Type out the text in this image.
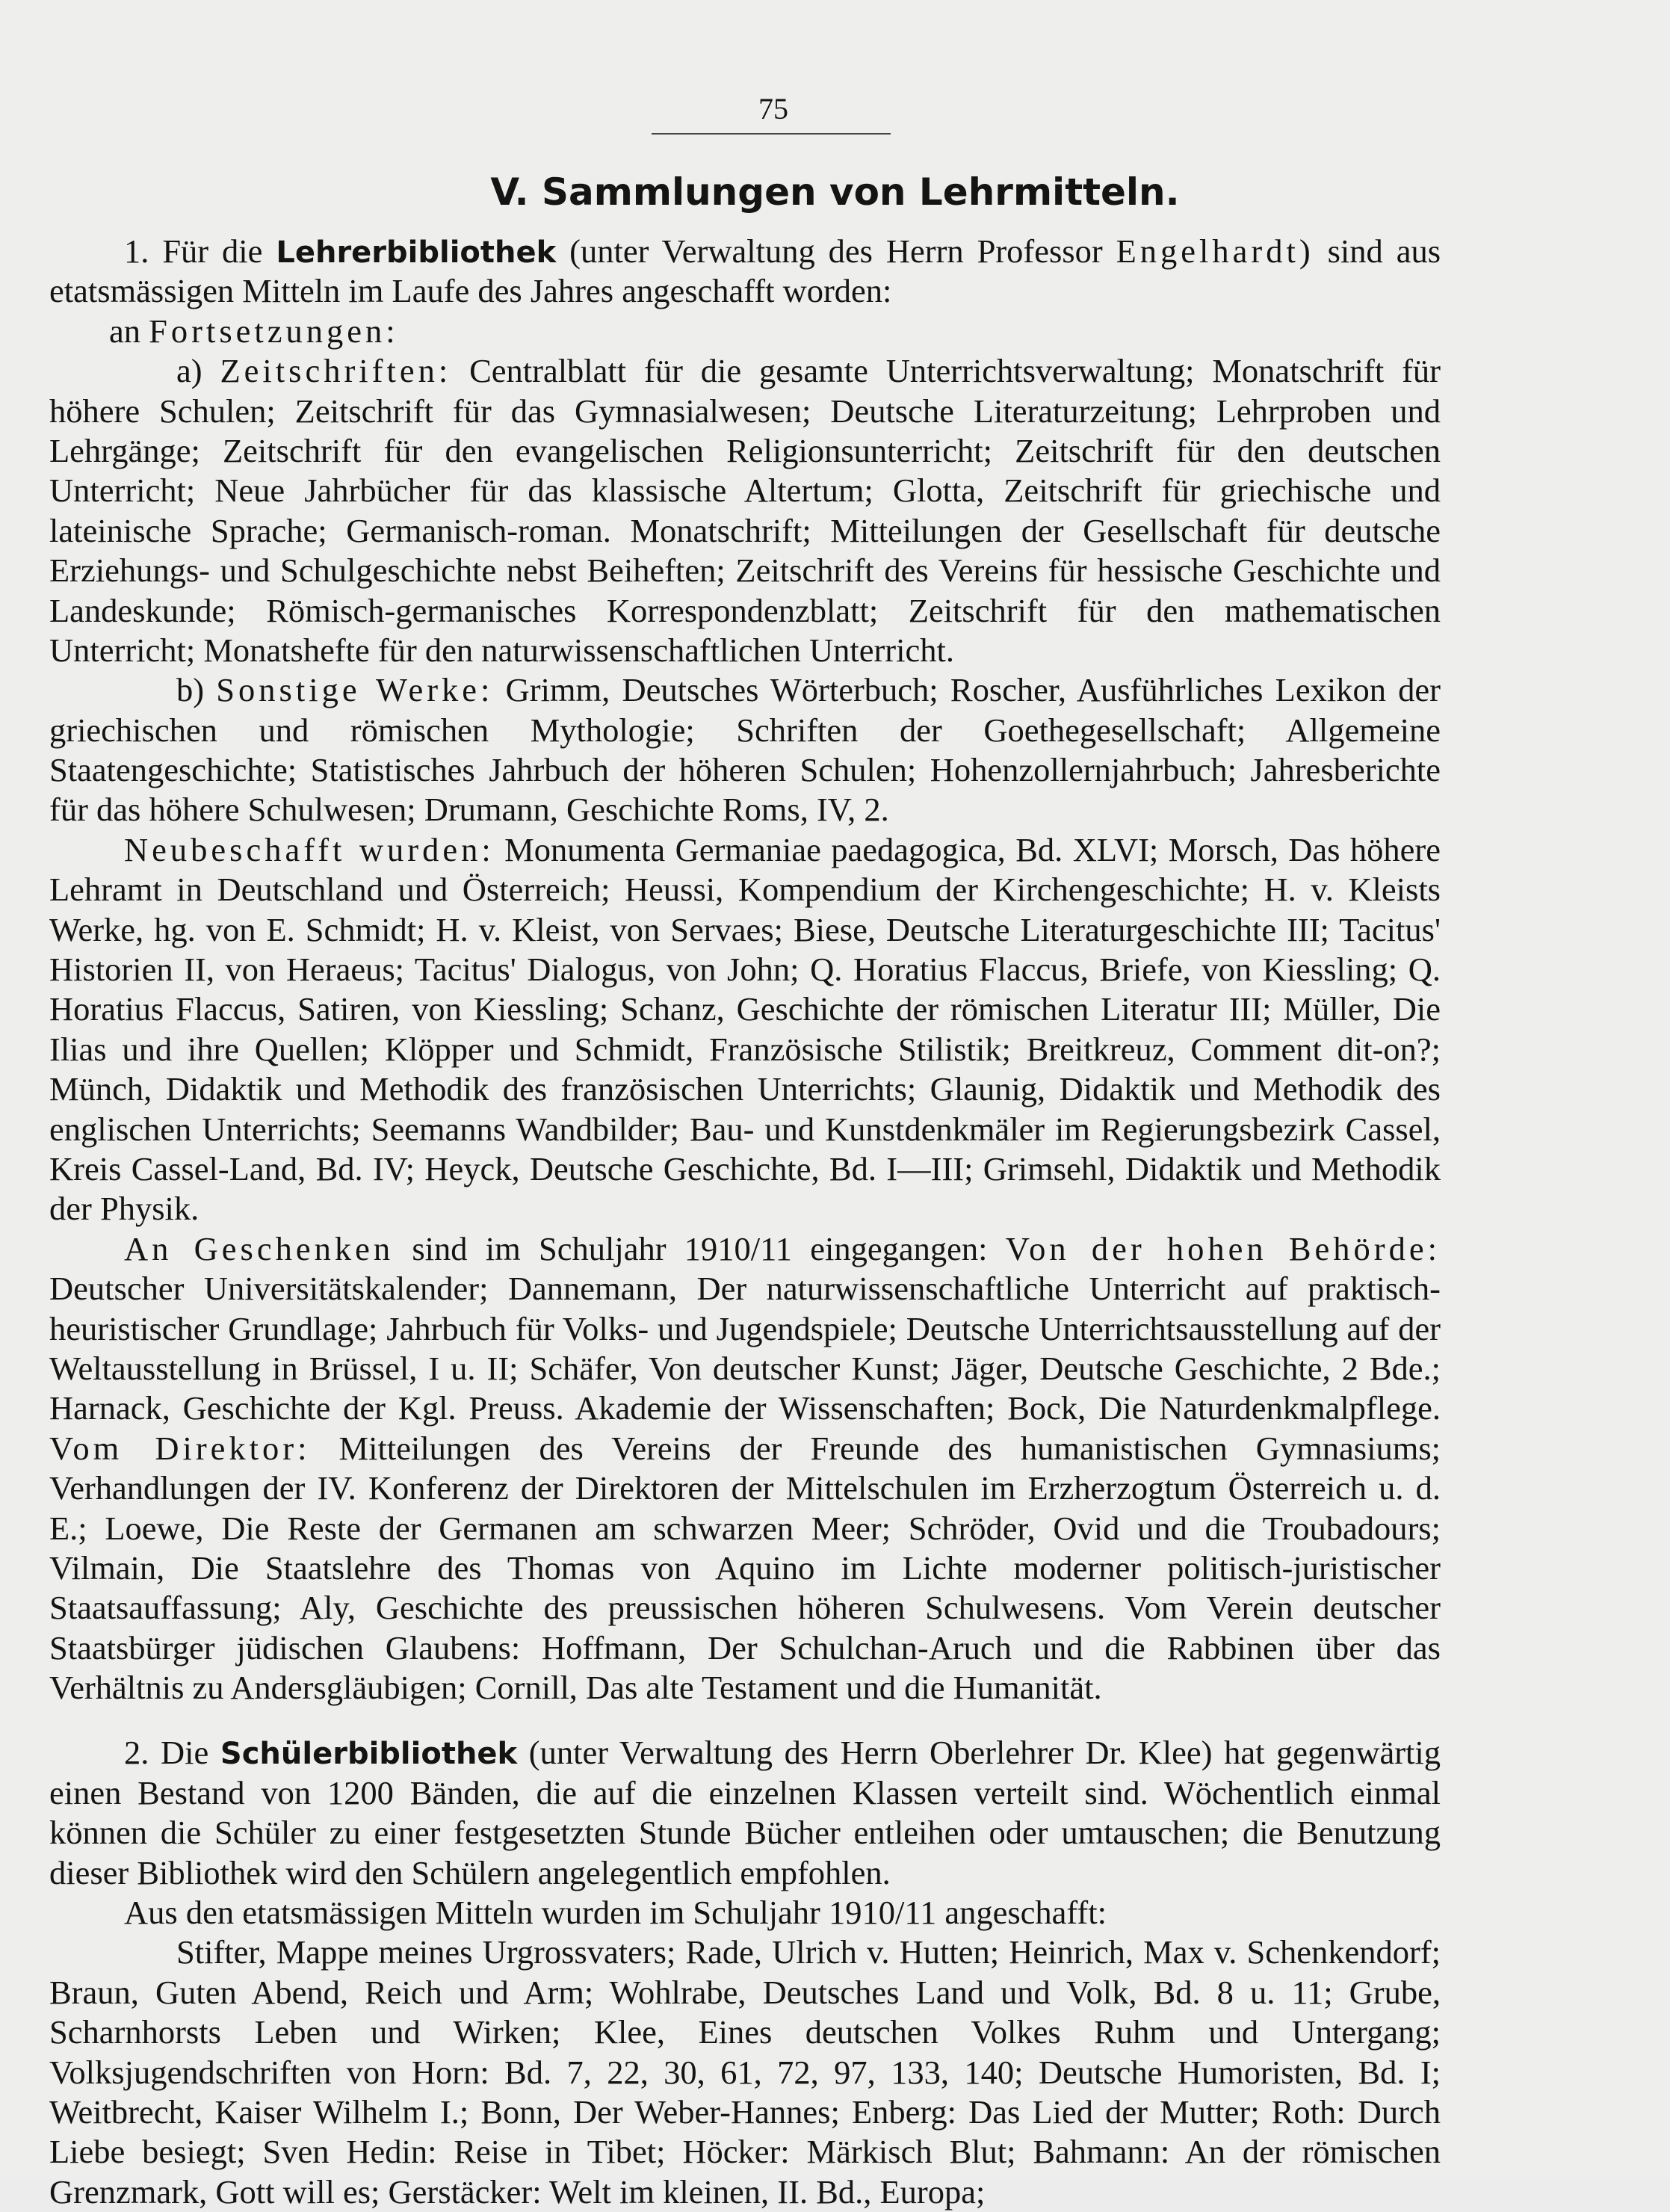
75
V. Sammlungen von Lehrmitteln.

1. Für die Lehrerbibliothek (unter Verwaltung des Herrn Professor Engelhardt) sind aus etatsmässigen Mitteln im Laufe des Jahres angeschafft worden:

an Fortsetzungen:

a) Zeitschriften: Centralblatt für die gesamte Unterrichtsverwaltung; Monatschrift für höhere Schulen; Zeitschrift für das Gymnasialwesen; Deutsche Literaturzeitung; Lehrproben und Lehrgänge; Zeitschrift für den evangelischen Religionsunterricht; Zeitschrift für den deutschen Unterricht; Neue Jahrbücher für das klassische Altertum; Glotta, Zeitschrift für griechische und lateinische Sprache; Germanisch-roman. Monatschrift; Mitteilungen der Gesellschaft für deutsche Erziehungs- und Schulgeschichte nebst Beiheften; Zeitschrift des Vereins für hessische Geschichte und Landeskunde; Römisch-germanisches Korrespondenzblatt; Zeitschrift für den mathematischen Unterricht; Monatshefte für den naturwissenschaftlichen Unterricht.

b) Sonstige Werke: Grimm, Deutsches Wörterbuch; Roscher, Ausführliches Lexikon der griechischen und römischen Mythologie; Schriften der Goethegesellschaft; Allgemeine Staatengeschichte; Statistisches Jahrbuch der höheren Schulen; Hohenzollernjahrbuch; Jahresberichte für das höhere Schulwesen; Drumann, Geschichte Roms, IV, 2.

Neubeschafft wurden: Monumenta Germaniae paedagogica, Bd. XLVI; Morsch, Das höhere Lehramt in Deutschland und Österreich; Heussi, Kompendium der Kirchengeschichte; H. v. Kleists Werke, hg. von E. Schmidt; H. v. Kleist, von Servaes; Biese, Deutsche Literaturgeschichte III; Tacitus' Historien II, von Heraeus; Tacitus' Dialogus, von John; Q. Horatius Flaccus, Briefe, von Kiessling; Q. Horatius Flaccus, Satiren, von Kiessling; Schanz, Geschichte der römischen Literatur III; Müller, Die Ilias und ihre Quellen; Klöpper und Schmidt, Französische Stilistik; Breitkreuz, Comment dit-on?; Münch, Didaktik und Methodik des französischen Unterrichts; Glaunig, Didaktik und Methodik des englischen Unterrichts; Seemanns Wandbilder; Bau- und Kunstdenkmäler im Regierungsbezirk Cassel, Kreis Cassel-Land, Bd. IV; Heyck, Deutsche Geschichte, Bd. I—III; Grimsehl, Didaktik und Methodik der Physik.

An Geschenken sind im Schuljahr 1910/11 eingegangen: Von der hohen Behörde: Deutscher Universitätskalender; Dannemann, Der naturwissenschaftliche Unterricht auf praktisch-heuristischer Grundlage; Jahrbuch für Volks- und Jugendspiele; Deutsche Unterrichtsausstellung auf der Weltausstellung in Brüssel, I u. II; Schäfer, Von deutscher Kunst; Jäger, Deutsche Geschichte, 2 Bde.; Harnack, Geschichte der Kgl. Preuss. Akademie der Wissenschaften; Bock, Die Naturdenkmalpflege. Vom Direktor: Mitteilungen des Vereins der Freunde des humanistischen Gymnasiums; Verhandlungen der IV. Konferenz der Direktoren der Mittelschulen im Erzherzogtum Österreich u. d. E.; Loewe, Die Reste der Germanen am schwarzen Meer; Schröder, Ovid und die Troubadours; Vilmain, Die Staatslehre des Thomas von Aquino im Lichte moderner politisch-juristischer Staatsauffassung; Aly, Geschichte des preussischen höheren Schulwesens. Vom Verein deutscher Staatsbürger jüdischen Glaubens: Hoffmann, Der Schulchan-Aruch und die Rabbinen über das Verhältnis zu Andersgläubigen; Cornill, Das alte Testament und die Humanität.

2. Die Schülerbibliothek (unter Verwaltung des Herrn Oberlehrer Dr. Klee) hat gegenwärtig einen Bestand von 1200 Bänden, die auf die einzelnen Klassen verteilt sind. Wöchentlich einmal können die Schüler zu einer festgesetzten Stunde Bücher entleihen oder umtauschen; die Benutzung dieser Bibliothek wird den Schülern angelegentlich empfohlen.

Aus den etatsmässigen Mitteln wurden im Schuljahr 1910/11 angeschafft:

Stifter, Mappe meines Urgrossvaters; Rade, Ulrich v. Hutten; Heinrich, Max v. Schenkendorf; Braun, Guten Abend, Reich und Arm; Wohlrabe, Deutsches Land und Volk, Bd. 8 u. 11; Grube, Scharnhorsts Leben und Wirken; Klee, Eines deutschen Volkes Ruhm und Untergang; Volksjugendschriften von Horn: Bd. 7, 22, 30, 61, 72, 97, 133, 140; Deutsche Humoristen, Bd. I; Weitbrecht, Kaiser Wilhelm I.; Bonn, Der Weber-Hannes; Enberg: Das Lied der Mutter; Roth: Durch Liebe besiegt; Sven Hedin: Reise in Tibet; Höcker: Märkisch Blut; Bahmann: An der römischen Grenzmark, Gott will es; Gerstäcker: Welt im kleinen, II. Bd., Europa;
